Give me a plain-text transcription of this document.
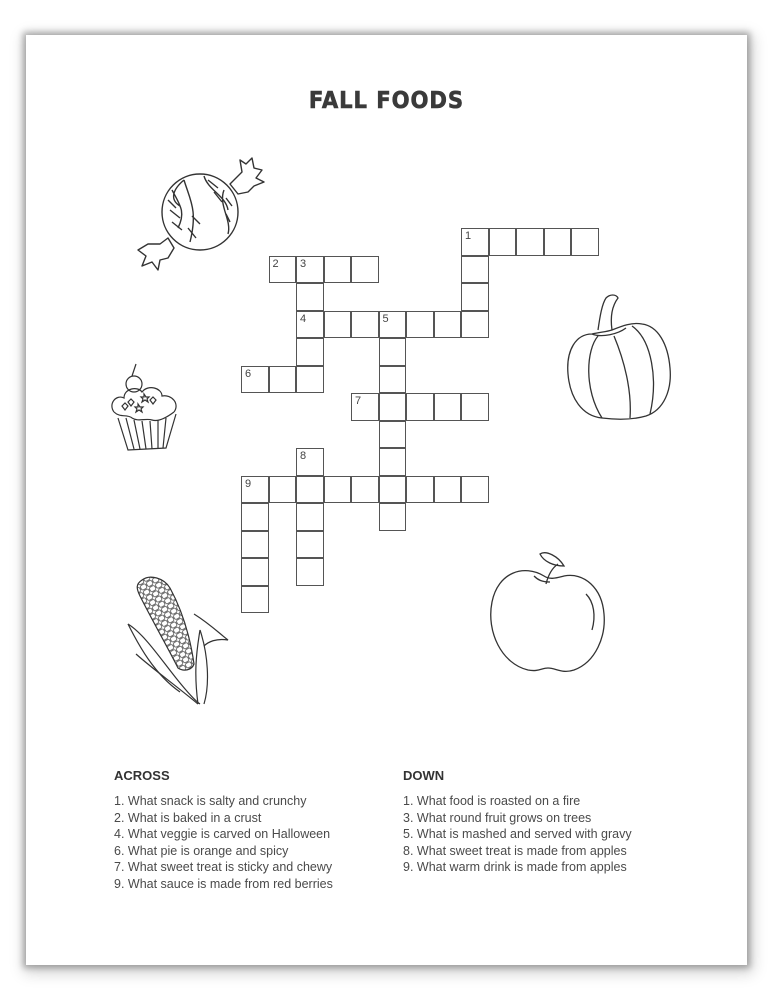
FALL FOODS
1
2 3
4	5
6
7
8
9
ACROSS
1. What snack is salty and crunchy
2. What is baked in a crust
4. What veggie is carved on Halloween
6. What pie is orange and spicy
7. What sweet treat is sticky and chewy
9. What sauce is made from red berries
DOWN
1. What food is roasted on a fire
3. What round fruit grows on trees
5. What is mashed and served with gravy
8. What sweet treat is made from apples
9. What warm drink is made from apples
